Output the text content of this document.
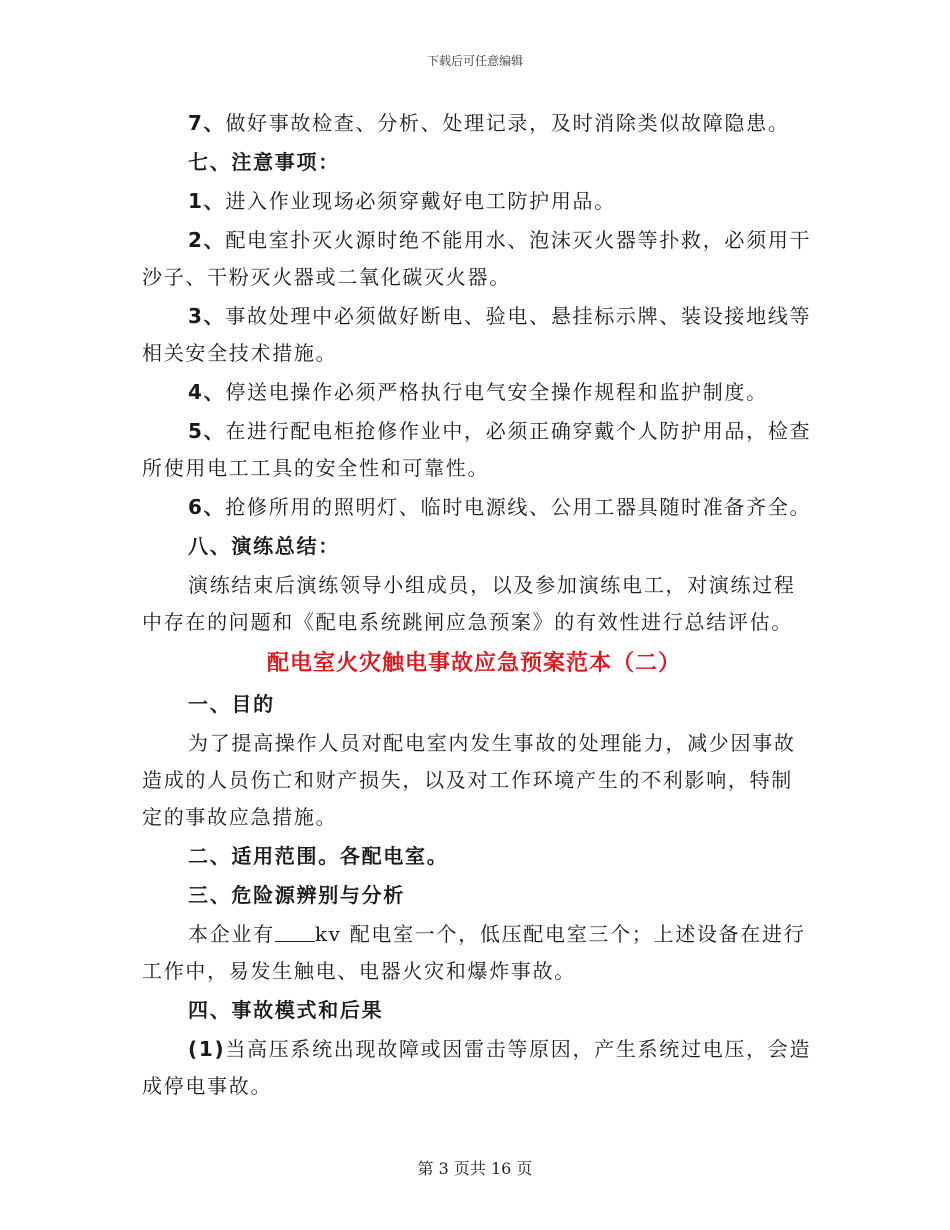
下载后可任意编辑
7、做好事故检查、分析、处理记录，及时消除类似故障隐患。
七、注意事项：
1、进入作业现场必须穿戴好电工防护用品。
2、配电室扑灭火源时绝不能用水、泡沫灭火器等扑救，必须用干
沙子、干粉灭火器或二氧化碳灭火器。
3、事故处理中必须做好断电、验电、悬挂标示牌、装设接地线等
相关安全技术措施。
4、停送电操作必须严格执行电气安全操作规程和监护制度。
5、在进行配电柜抢修作业中，必须正确穿戴个人防护用品，检查
所使用电工工具的安全性和可靠性。
6、抢修所用的照明灯、临时电源线、公用工器具随时准备齐全。
八、演练总结：
演练结束后演练领导小组成员，以及参加演练电工，对演练过程
中存在的问题和《配电系统跳闸应急预案》的有效性进行总结评估。
配电室火灾触电事故应急预案范本（二）
一、目的
为了提高操作人员对配电室内发生事故的处理能力，减少因事故
造成的人员伤亡和财产损失，以及对工作环境产生的不利影响，特制
定的事故应急措施。
二、适用范围。各配电室。
三、危险源辨别与分析
本企业有 kv 配电室一个，低压配电室三个；上述设备在进行
工作中，易发生触电、电器火灾和爆炸事故。
四、事故模式和后果
(1)当高压系统出现故障或因雷击等原因，产生系统过电压，会造
成停电事故。
第 3 页共 16 页
